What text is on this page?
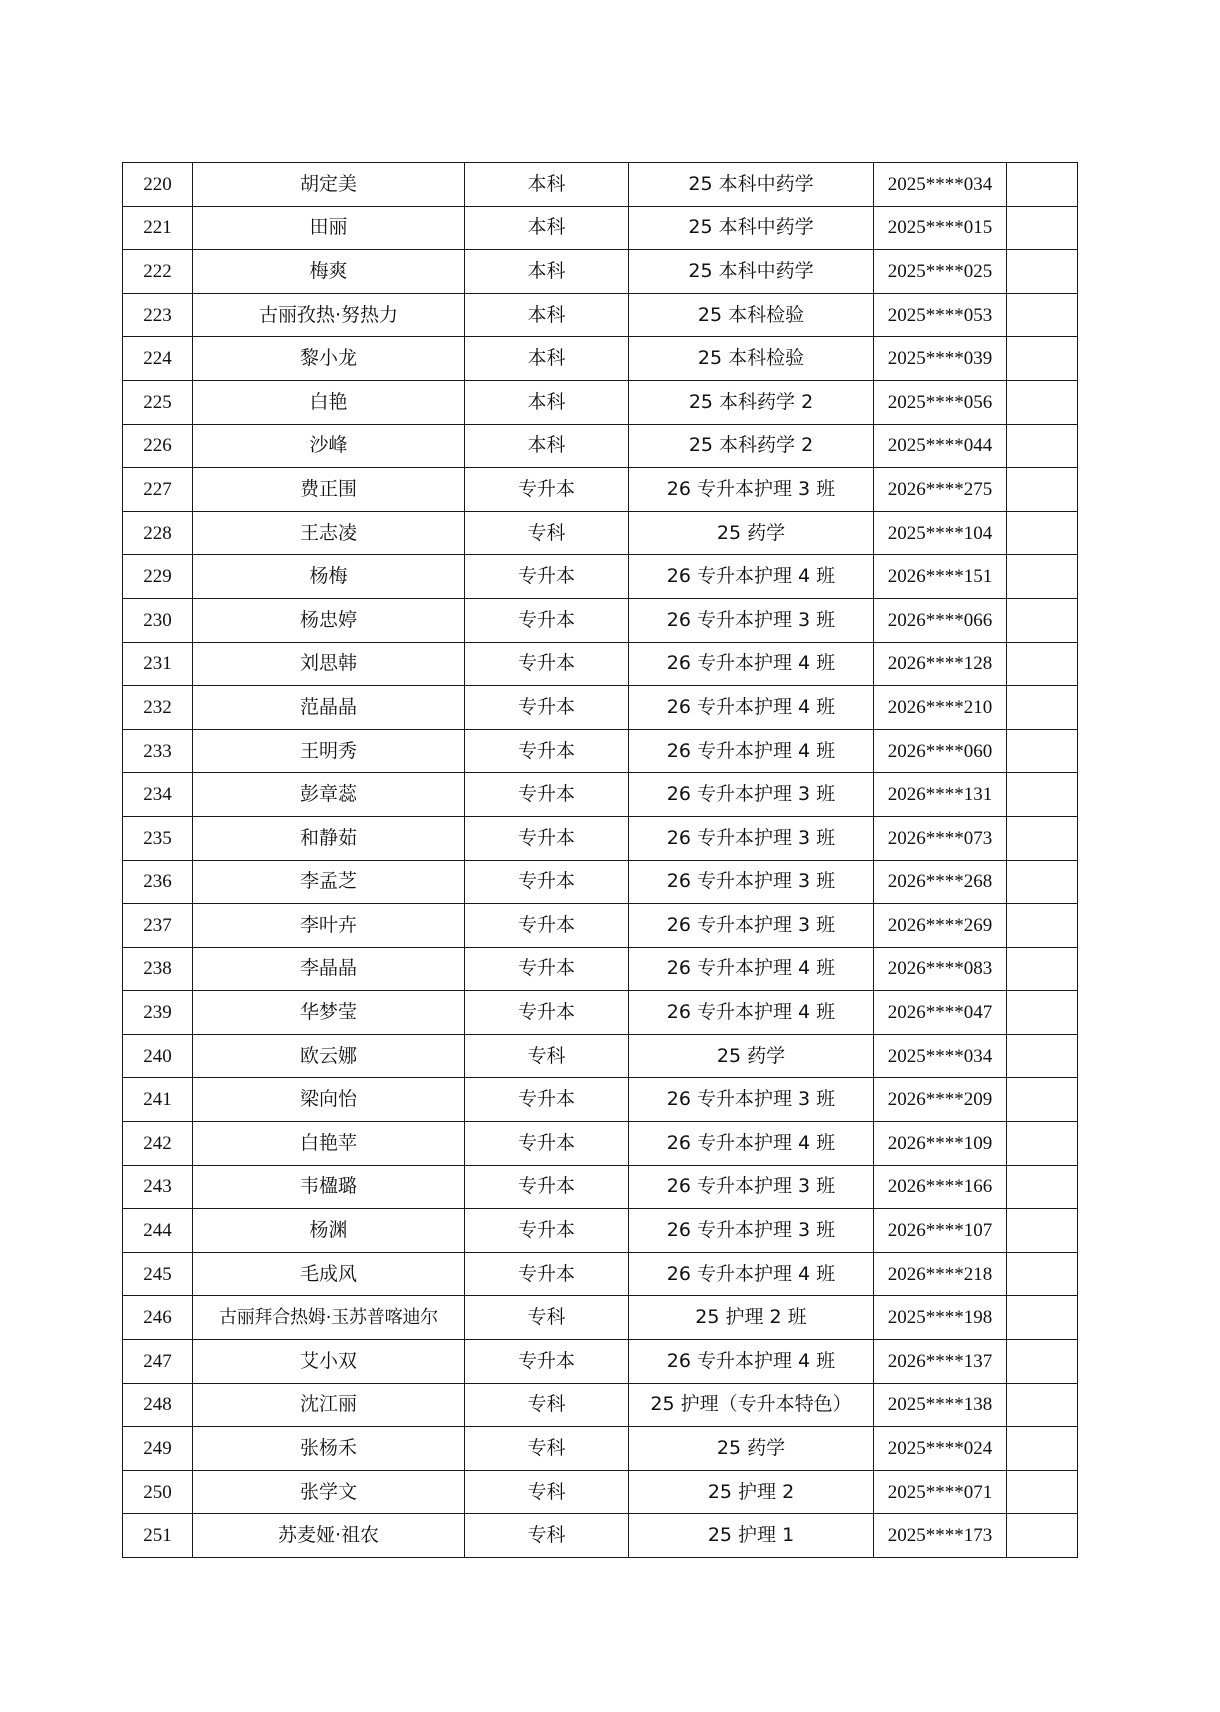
220	胡定美	本科	25 本科中药学	2025****034	
221	田丽	本科	25 本科中药学	2025****015	
222	梅爽	本科	25 本科中药学	2025****025	
223	古丽孜热·努热力	本科	25 本科检验	2025****053	
224	黎小龙	本科	25 本科检验	2025****039	
225	白艳	本科	25 本科药学 2	2025****056	
226	沙峰	本科	25 本科药学 2	2025****044	
227	费正围	专升本	26 专升本护理 3 班	2026****275	
228	王志凌	专科	25 药学	2025****104	
229	杨梅	专升本	26 专升本护理 4 班	2026****151	
230	杨忠婷	专升本	26 专升本护理 3 班	2026****066	
231	刘思韩	专升本	26 专升本护理 4 班	2026****128	
232	范晶晶	专升本	26 专升本护理 4 班	2026****210	
233	王明秀	专升本	26 专升本护理 4 班	2026****060	
234	彭章蕊	专升本	26 专升本护理 3 班	2026****131	
235	和静茹	专升本	26 专升本护理 3 班	2026****073	
236	李孟芝	专升本	26 专升本护理 3 班	2026****268	
237	李叶卉	专升本	26 专升本护理 3 班	2026****269	
238	李晶晶	专升本	26 专升本护理 4 班	2026****083	
239	华梦莹	专升本	26 专升本护理 4 班	2026****047	
240	欧云娜	专科	25 药学	2025****034	
241	梁向怡	专升本	26 专升本护理 3 班	2026****209	
242	白艳苹	专升本	26 专升本护理 4 班	2026****109	
243	韦楹璐	专升本	26 专升本护理 3 班	2026****166	
244	杨渊	专升本	26 专升本护理 3 班	2026****107	
245	毛成风	专升本	26 专升本护理 4 班	2026****218	
246	古丽拜合热姆·玉苏普喀迪尔	专科	25 护理 2 班	2025****198	
247	艾小双	专升本	26 专升本护理 4 班	2026****137	
248	沈江丽	专科	25 护理（专升本特色）	2025****138	
249	张杨禾	专科	25 药学	2025****024	
250	张学文	专科	25 护理 2	2025****071	
251	苏麦娅·祖农	专科	25 护理 1	2025****173	
